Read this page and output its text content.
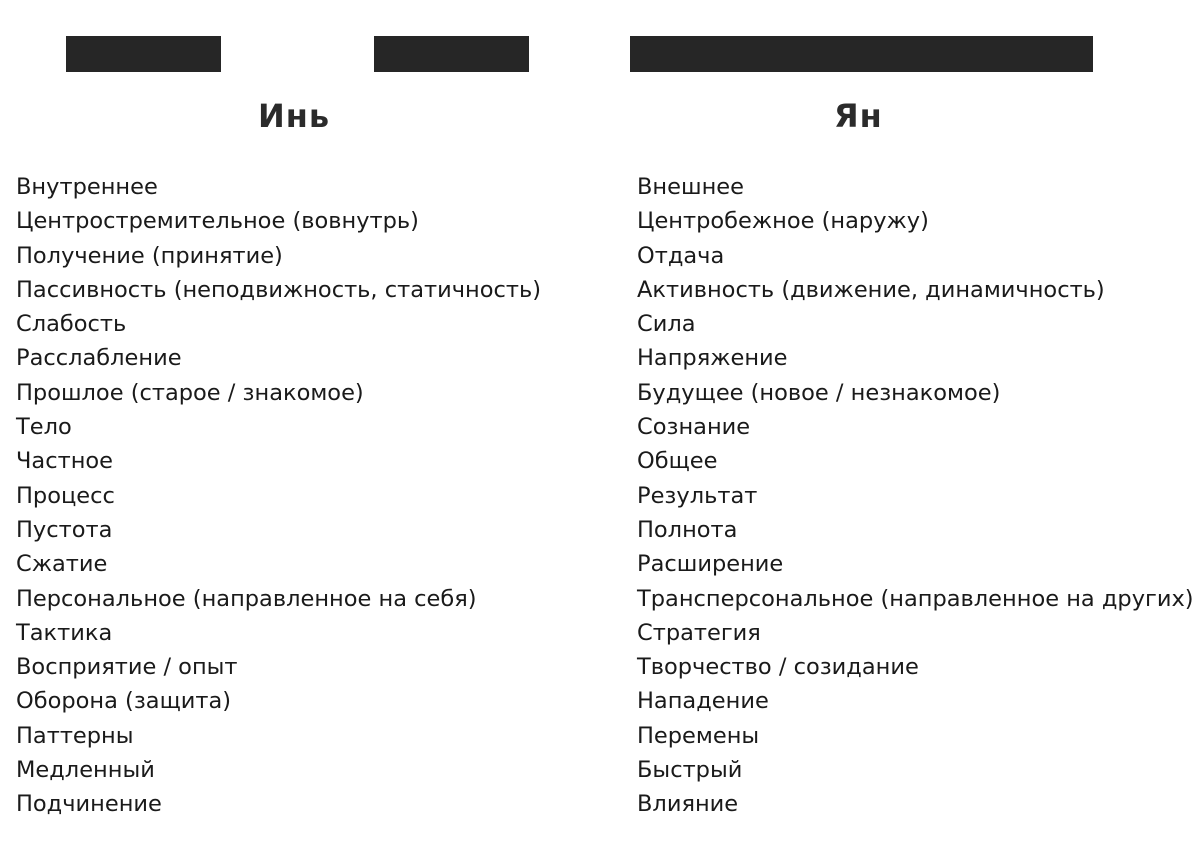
Инь	Ян
Внутреннее
Центростремительное (вовнутрь)
Получение (принятие)
Пассивность (неподвижность, статичность)
Слабость
Расслабление
Прошлое (старое / знакомое)
Тело
Частное
Процесс
Пустота
Сжатие
Персональное (направленное на себя)
Тактика
Восприятие / опыт
Оборона (защита)
Паттерны
Медленный
Подчинение
Внешнее
Центробежное (наружу)
Отдача
Активность (движение, динамичность)
Сила
Напряжение
Будущее (новое / незнакомое)
Сознание
Общее
Результат
Полнота
Расширение
Трансперсональное (направленное на других)
Стратегия
Творчество / созидание
Нападение
Перемены
Быстрый
Влияние
